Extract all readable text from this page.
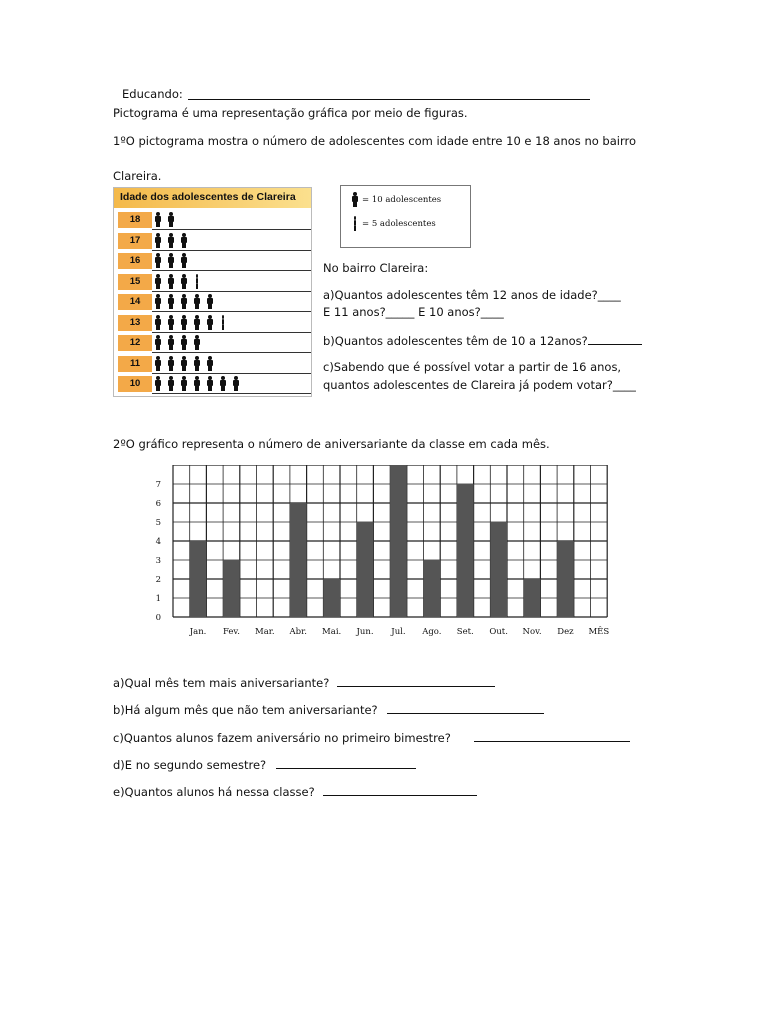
Educando:
Pictograma é uma representação gráfica por meio de figuras.
1ºO pictograma mostra o número de adolescentes com idade entre 10 e 18 anos no bairro
Clareira.
Idade dos adolescentes de Clareira
18
17
16
15
14
13
12
11
10
= 10 adolescentes
= 5 adolescentes
No bairro Clareira:
a)Quantos adolescentes têm 12 anos de idade?____
E 11 anos?_____ E 10 anos?____
b)Quantos adolescentes têm de 10 a 12anos?
c)Sabendo que é possível votar a partir de 16 anos,
quantos adolescentes de Clareira já podem votar?____
2ºO gráfico representa o número de aniversariante da classe em cada mês.
0
1
2
3
4
5
6
7
Jan. Fev. Mar. Abr. Mai. Jun. Jul. Ago. Set. Out. Nov. Dez MÊS
a)Qual mês tem mais aniversariante?
b)Há algum mês que não tem aniversariante?
c)Quantos alunos fazem aniversário no primeiro bimestre?
d)E no segundo semestre?
e)Quantos alunos há nessa classe?
